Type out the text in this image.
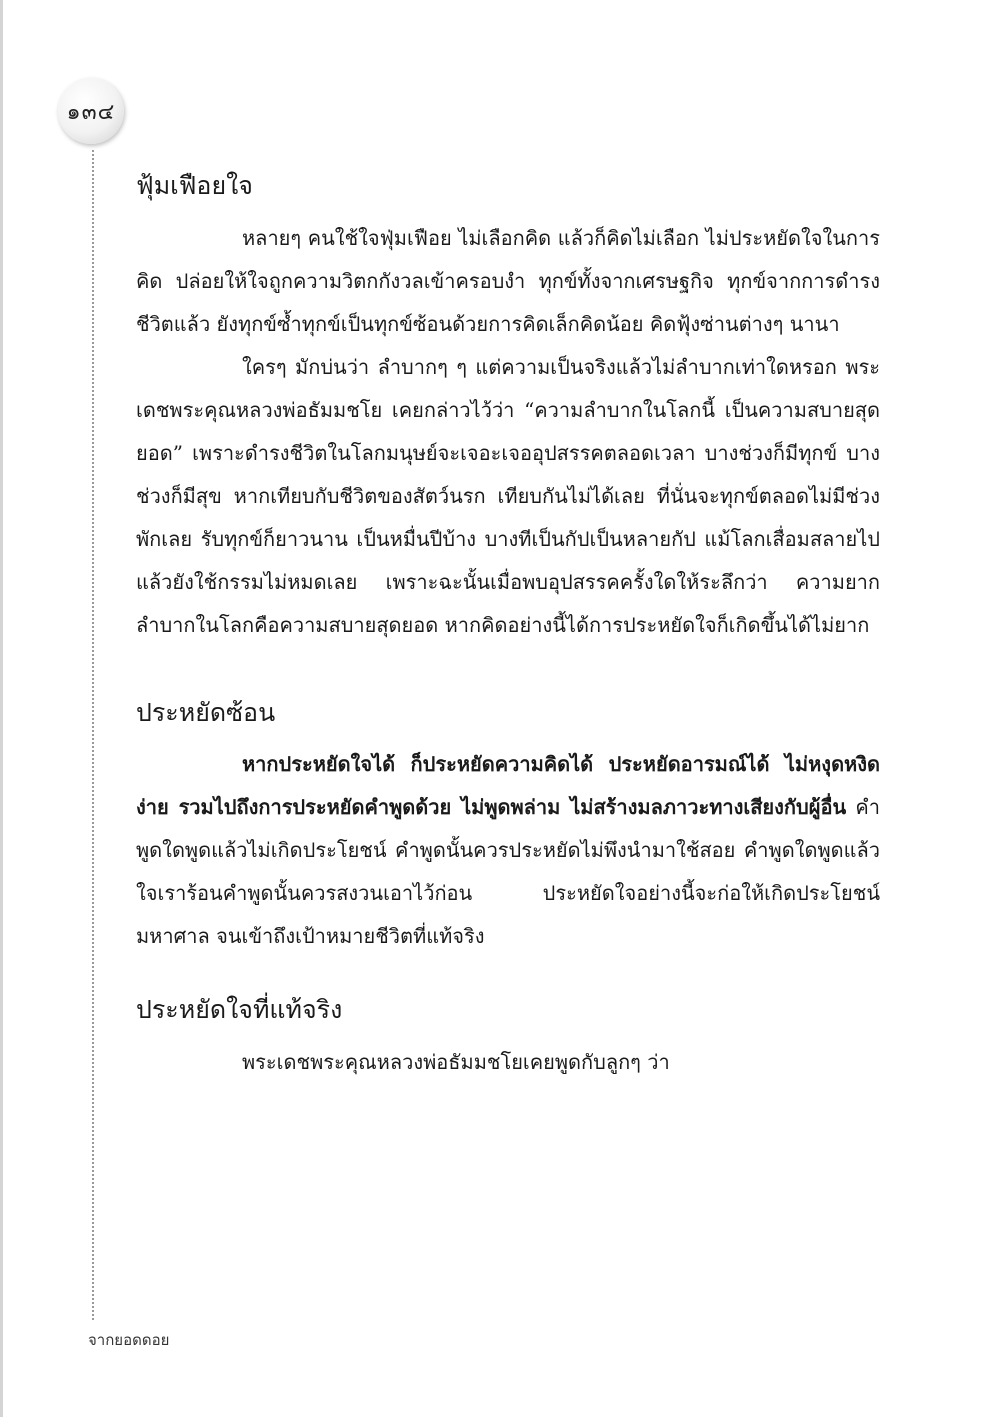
๑๓๔
ฟุ้มเฟือยใจ

หลายๆ คนใช้ใจฟุ่มเฟือย ไม่เลือกคิด แล้วก็คิดไม่เลือก ไม่ประหยัดใจในการคิด ปล่อยให้ใจถูกความวิตกกังวลเข้าครอบงำ ทุกข์ทั้งจากเศรษฐกิจ ทุกข์จากการดำรงชีวิตแล้ว ยังทุกข์ซ้ำทุกข์เป็นทุกข์ซ้อนด้วยการคิดเล็กคิดน้อย คิดฟุ้งซ่านต่างๆ นานา

ใครๆ มักบ่นว่า ลำบากๆ ๆ แต่ความเป็นจริงแล้วไม่ลำบากเท่าใดหรอก พระเดชพระคุณหลวงพ่อธัมมชโย เคยกล่าวไว้ว่า “ความลำบากในโลกนี้ เป็นความสบายสุดยอด” เพราะดำรงชีวิตในโลกมนุษย์จะเจอะเจออุปสรรคตลอดเวลา บางช่วงก็มีทุกข์ บางช่วงก็มีสุข หากเทียบกับชีวิตของสัตว์นรก เทียบกันไม่ได้เลย ที่นั่นจะทุกข์ตลอดไม่มีช่วงพักเลย รับทุกข์ก็ยาวนาน เป็นหมื่นปีบ้าง บางทีเป็นกัปเป็นหลายกัป แม้โลกเสื่อมสลายไปแล้วยังใช้กรรมไม่หมดเลย เพราะฉะนั้นเมื่อพบอุปสรรคครั้งใดให้ระลึกว่า ความยากลำบากในโลกคือความสบายสุดยอด หากคิดอย่างนี้ได้การประหยัดใจก็เกิดขึ้นได้ไม่ยาก

ประหยัดซ้อน

หากประหยัดใจได้ ก็ประหยัดความคิดได้ ประหยัดอารมณ์ได้ ไม่หงุดหงิดง่าย รวมไปถึงการประหยัดคำพูดด้วย ไม่พูดพล่าม ไม่สร้างมลภาวะทางเสียงกับผู้อื่น คำพูดใดพูดแล้วไม่เกิดประโยชน์ คำพูดนั้นควรประหยัดไม่พึงนำมาใช้สอย คำพูดใดพูดแล้วใจเราร้อนคำพูดนั้นควรสงวนเอาไว้ก่อน ประหยัดใจอย่างนี้จะก่อให้เกิดประโยชน์มหาศาล จนเข้าถึงเป้าหมายชีวิตที่แท้จริง

ประหยัดใจที่แท้จริง

พระเดชพระคุณหลวงพ่อธัมมชโยเคยพูดกับลูกๆ ว่า

จากยอดดอย
